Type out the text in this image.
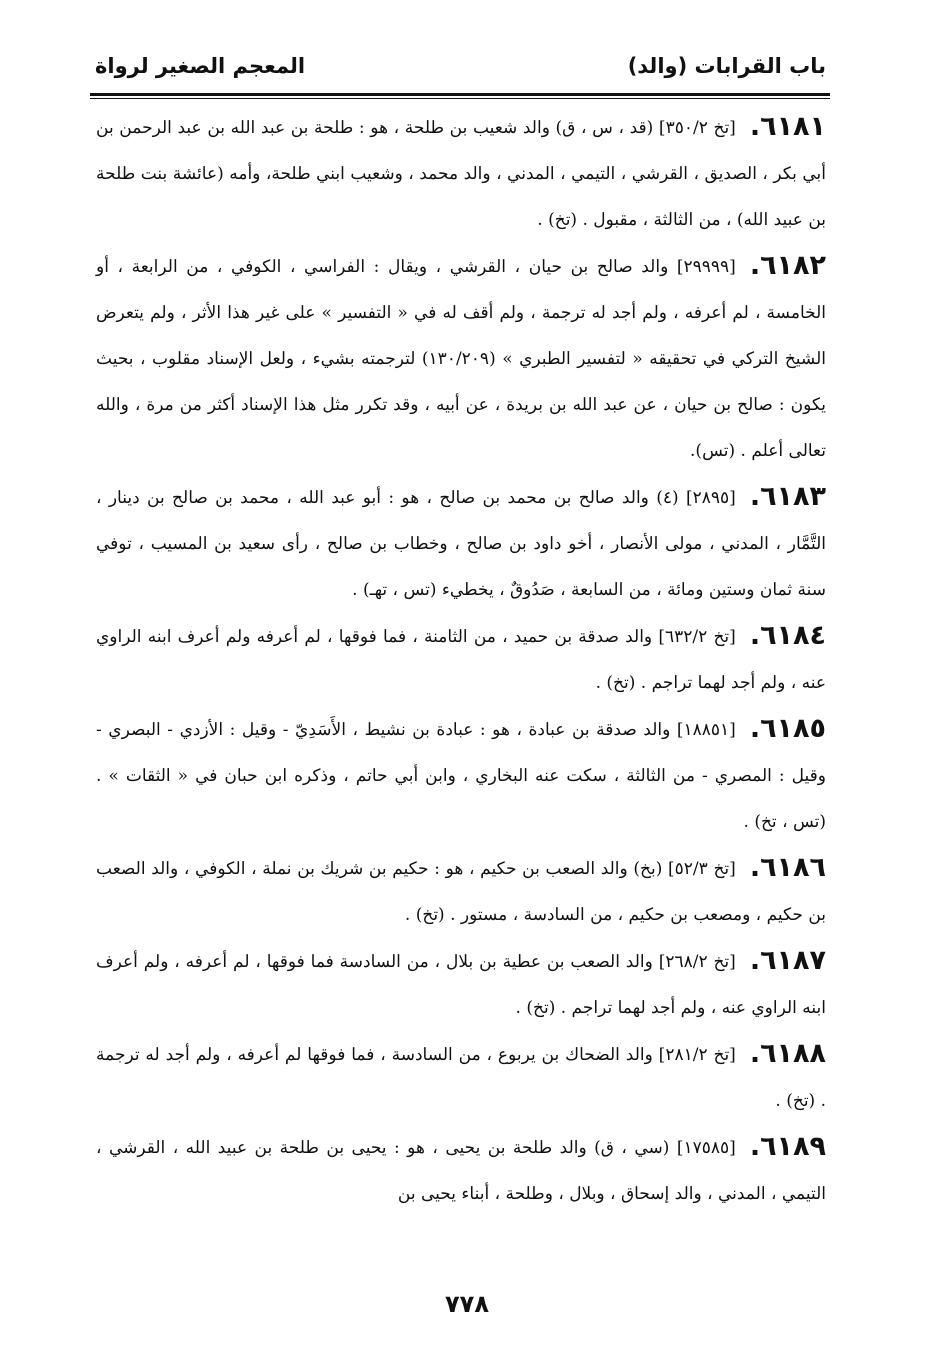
باب القرابات (والد)
المعجم الصغير لرواة

٦١٨١.[تخ ٣٥٠/٢] (قد ، س ، ق) والد شعيب بن طلحة ، هو : طلحة بن عبد الله بن عبد الرحمن بن أبي بكر ، الصديق ، القرشي ، التيمي ، المدني ، والد محمد ، وشعيب ابني طلحة، وأمه (عائشة بنت طلحة بن عبيد الله) ، من الثالثة ، مقبول . (تخ) .

٦١٨٢.[٢٩٩٩٩] والد صالح بن حيان ، القرشي ، ويقال : الفراسي ، الكوفي ، من الرابعة ، أو الخامسة ، لم أعرفه ، ولم أجد له ترجمة ، ولم أقف له في « التفسير » على غير هذا الأثر ، ولم يتعرض الشيخ التركي في تحقيقه « لتفسير الطبري » (١٣٠/٢٠٩) لترجمته بشيء ، ولعل الإسناد مقلوب ، بحيث يكون : صالح بن حيان ، عن عبد الله بن بريدة ، عن أبيه ، وقد تكرر مثل هذا الإسناد أكثر من مرة ، والله تعالى أعلم . (تس).

٦١٨٣.[٢٨٩٥] (٤) والد صالح بن محمد بن صالح ، هو : أبو عبد الله ، محمد بن صالح بن دينار ، التَّمَّار ، المدني ، مولى الأنصار ، أخو داود بن صالح ، وخطاب بن صالح ، رأى سعيد بن المسيب ، توفي سنة ثمان وستين ومائة ، من السابعة ، صَدُوقٌ ، يخطيء (تس ، تهـ) .

٦١٨٤.[تخ ٦٣٢/٢] والد صدقة بن حميد ، من الثامنة ، فما فوقها ، لم أعرفه ولم أعرف ابنه الراوي عنه ، ولم أجد لهما تراجم . (تخ) .

٦١٨٥.[١٨٨٥١] والد صدقة بن عبادة ، هو : عبادة بن نشيط ، الأَسَدِيّ - وقيل : الأزدي - البصري - وقيل : المصري - من الثالثة ، سكت عنه البخاري ، وابن أبي حاتم ، وذكره ابن حبان في « الثقات » . (تس ، تخ) .

٦١٨٦.[تخ ٥٢/٣] (بخ) والد الصعب بن حكيم ، هو : حكيم بن شريك بن نملة ، الكوفي ، والد الصعب بن حكيم ، ومصعب بن حكيم ، من السادسة ، مستور . (تخ) .

٦١٨٧.[تخ ٢٦٨/٢] والد الصعب بن عطية بن بلال ، من السادسة فما فوقها ، لم أعرفه ، ولم أعرف ابنه الراوي عنه ، ولم أجد لهما تراجم . (تخ) .

٦١٨٨.[تخ ٢٨١/٢] والد الضحاك بن يربوع ، من السادسة ، فما فوقها لم أعرفه ، ولم أجد له ترجمة . (تخ) .

٦١٨٩.[١٧٥٨٥] (سي ، ق) والد طلحة بن يحيى ، هو : يحيى بن طلحة بن عبيد الله ، القرشي ، التيمي ، المدني ، والد إسحاق ، وبلال ، وطلحة ، أبناء يحيى بن

٧٧٨
